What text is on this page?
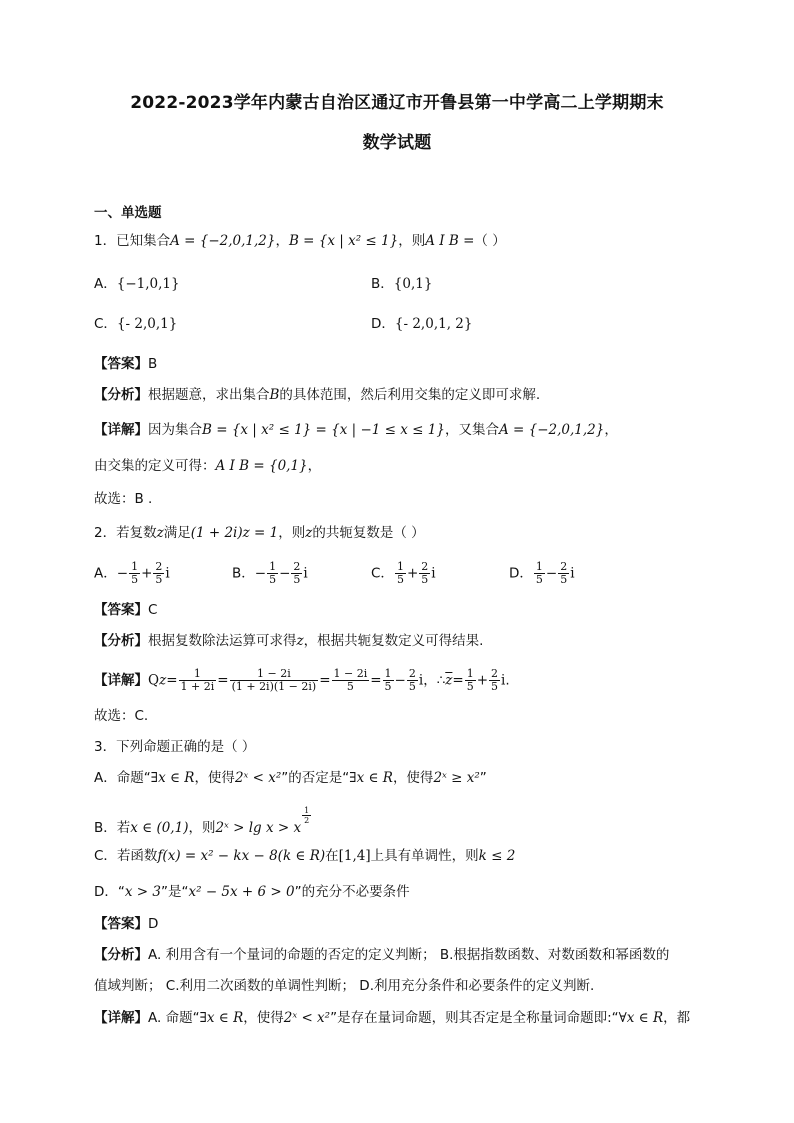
2022-2023学年内蒙古自治区通辽市开鲁县第一中学高二上学期期末
数学试题
一、单选题
1．已知集合A = {−2,0,1,2}，B = {x | x² ≤ 1}，则A I B =（ ）
A．{−1,0,1}	B．{0,1}
C．{- 2,0,1}	D．{- 2,0,1, 2}
【答案】B
【分析】根据题意，求出集合B的具体范围，然后利用交集的定义即可求解.
【详解】因为集合B = {x | x² ≤ 1} = {x | −1 ≤ x ≤ 1}，又集合A = {−2,0,1,2}，
由交集的定义可得：A I B = {0,1}，
故选：B .
2．若复数z满足(1 + 2i)z = 1，则z的共轭复数是（ ）
A．− $\frac{1}{5} + \frac{2}{5}$ i	B．− $\frac{1}{5} - \frac{2}{5}$ i	C． $\frac{1}{5} + \frac{2}{5}$ i	D． $\frac{1}{5} - \frac{2}{5}$ i
【答案】C
【分析】根据复数除法运算可求得z，根据共轭复数定义可得结果.
【详解】$Qz= \frac{1}{1 + 2i} = \frac{1 - 2i}{(1 + 2i)(1 - 2i)} = \frac{1 - 2i}{5} = \frac{1}{5} - \frac{2}{5}$ i，$\therefore\overline{z}= \frac{1}{5} + \frac{2}{5} i$.
故选：C.
3．下列命题正确的是（ ）
A．命题“∃x ∈ R，使得2ˣ < x²”的否定是“∃x ∈ R，使得2ˣ ≥ x²”
B．若x ∈ (0,1)，则2ˣ > lg x > x
$^{\frac{1}{2}}$
C．若函数f(x) = x² − kx − 8(k ∈ R)在[1,4]上具有单调性，则k ≤ 2
D．“x > 3”是“x² − 5x + 6 > 0”的充分不必要条件
【答案】D
【分析】A. 利用含有一个量词的命题的否定的定义判断； B.根据指数函数、对数函数和幂函数的
值域判断； C.利用二次函数的单调性判断； D.利用充分条件和必要条件的定义判断.
【详解】A. 命题“∃x ∈ R，使得2ˣ < x²”是存在量词命题，则其否定是全称量词命题即:“∀x ∈ R，都
